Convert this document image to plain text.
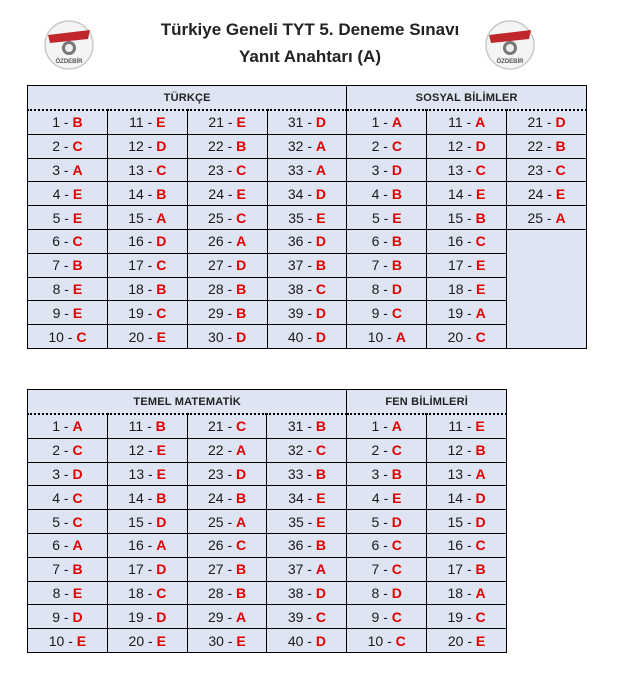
ÖZDEBİR
Türkiye Geneli TYT 5. Deneme Sınavı
Yanıt Anahtarı (A)	ÖZDEBİR
TÜRKÇE				SOSYAL BİLİMLER		
1 - B	11 - E	21 - E	31 - D	1 - A	11 - A	21 - D
2 - C	12 - D	22 - B	32 - A	2 - C	12 - D	22 - B
3 - A	13 - C	23 - C	33 - A	3 - D	13 - C	23 - C
4 - E	14 - B	24 - E	34 - D	4 - B	14 - E	24 - E
5 - E	15 - A	25 - C	35 - E	5 - E	15 - B	25 - A
6 - C	16 - D	26 - A	36 - D	6 - B	16 - C	
7 - B	17 - C	27 - D	37 - B	7 - B	17 - E	
8 - E	18 - B	28 - B	38 - C	8 - D	18 - E	
9 - E	19 - C	29 - B	39 - D	9 - C	19 - A	
10 - C	20 - E	30 - D	40 - D	10 - A	20 - C	
TEMEL MATEMATİK				FEN BİLİMLERİ	
1 - A	11 - B	21 - C	31 - B	1 - A	11 - E
2 - C	12 - E	22 - A	32 - C	2 - C	12 - B
3 - D	13 - E	23 - D	33 - B	3 - B	13 - A
4 - C	14 - B	24 - B	34 - E	4 - E	14 - D
5 - C	15 - D	25 - A	35 - E	5 - D	15 - D
6 - A	16 - A	26 - C	36 - B	6 - C	16 - C
7 - B	17 - D	27 - B	37 - A	7 - C	17 - B
8 - E	18 - C	28 - B	38 - D	8 - D	18 - A
9 - D	19 - D	29 - A	39 - C	9 - C	19 - C
10 - E	20 - E	30 - E	40 - D	10 - C	20 - E
